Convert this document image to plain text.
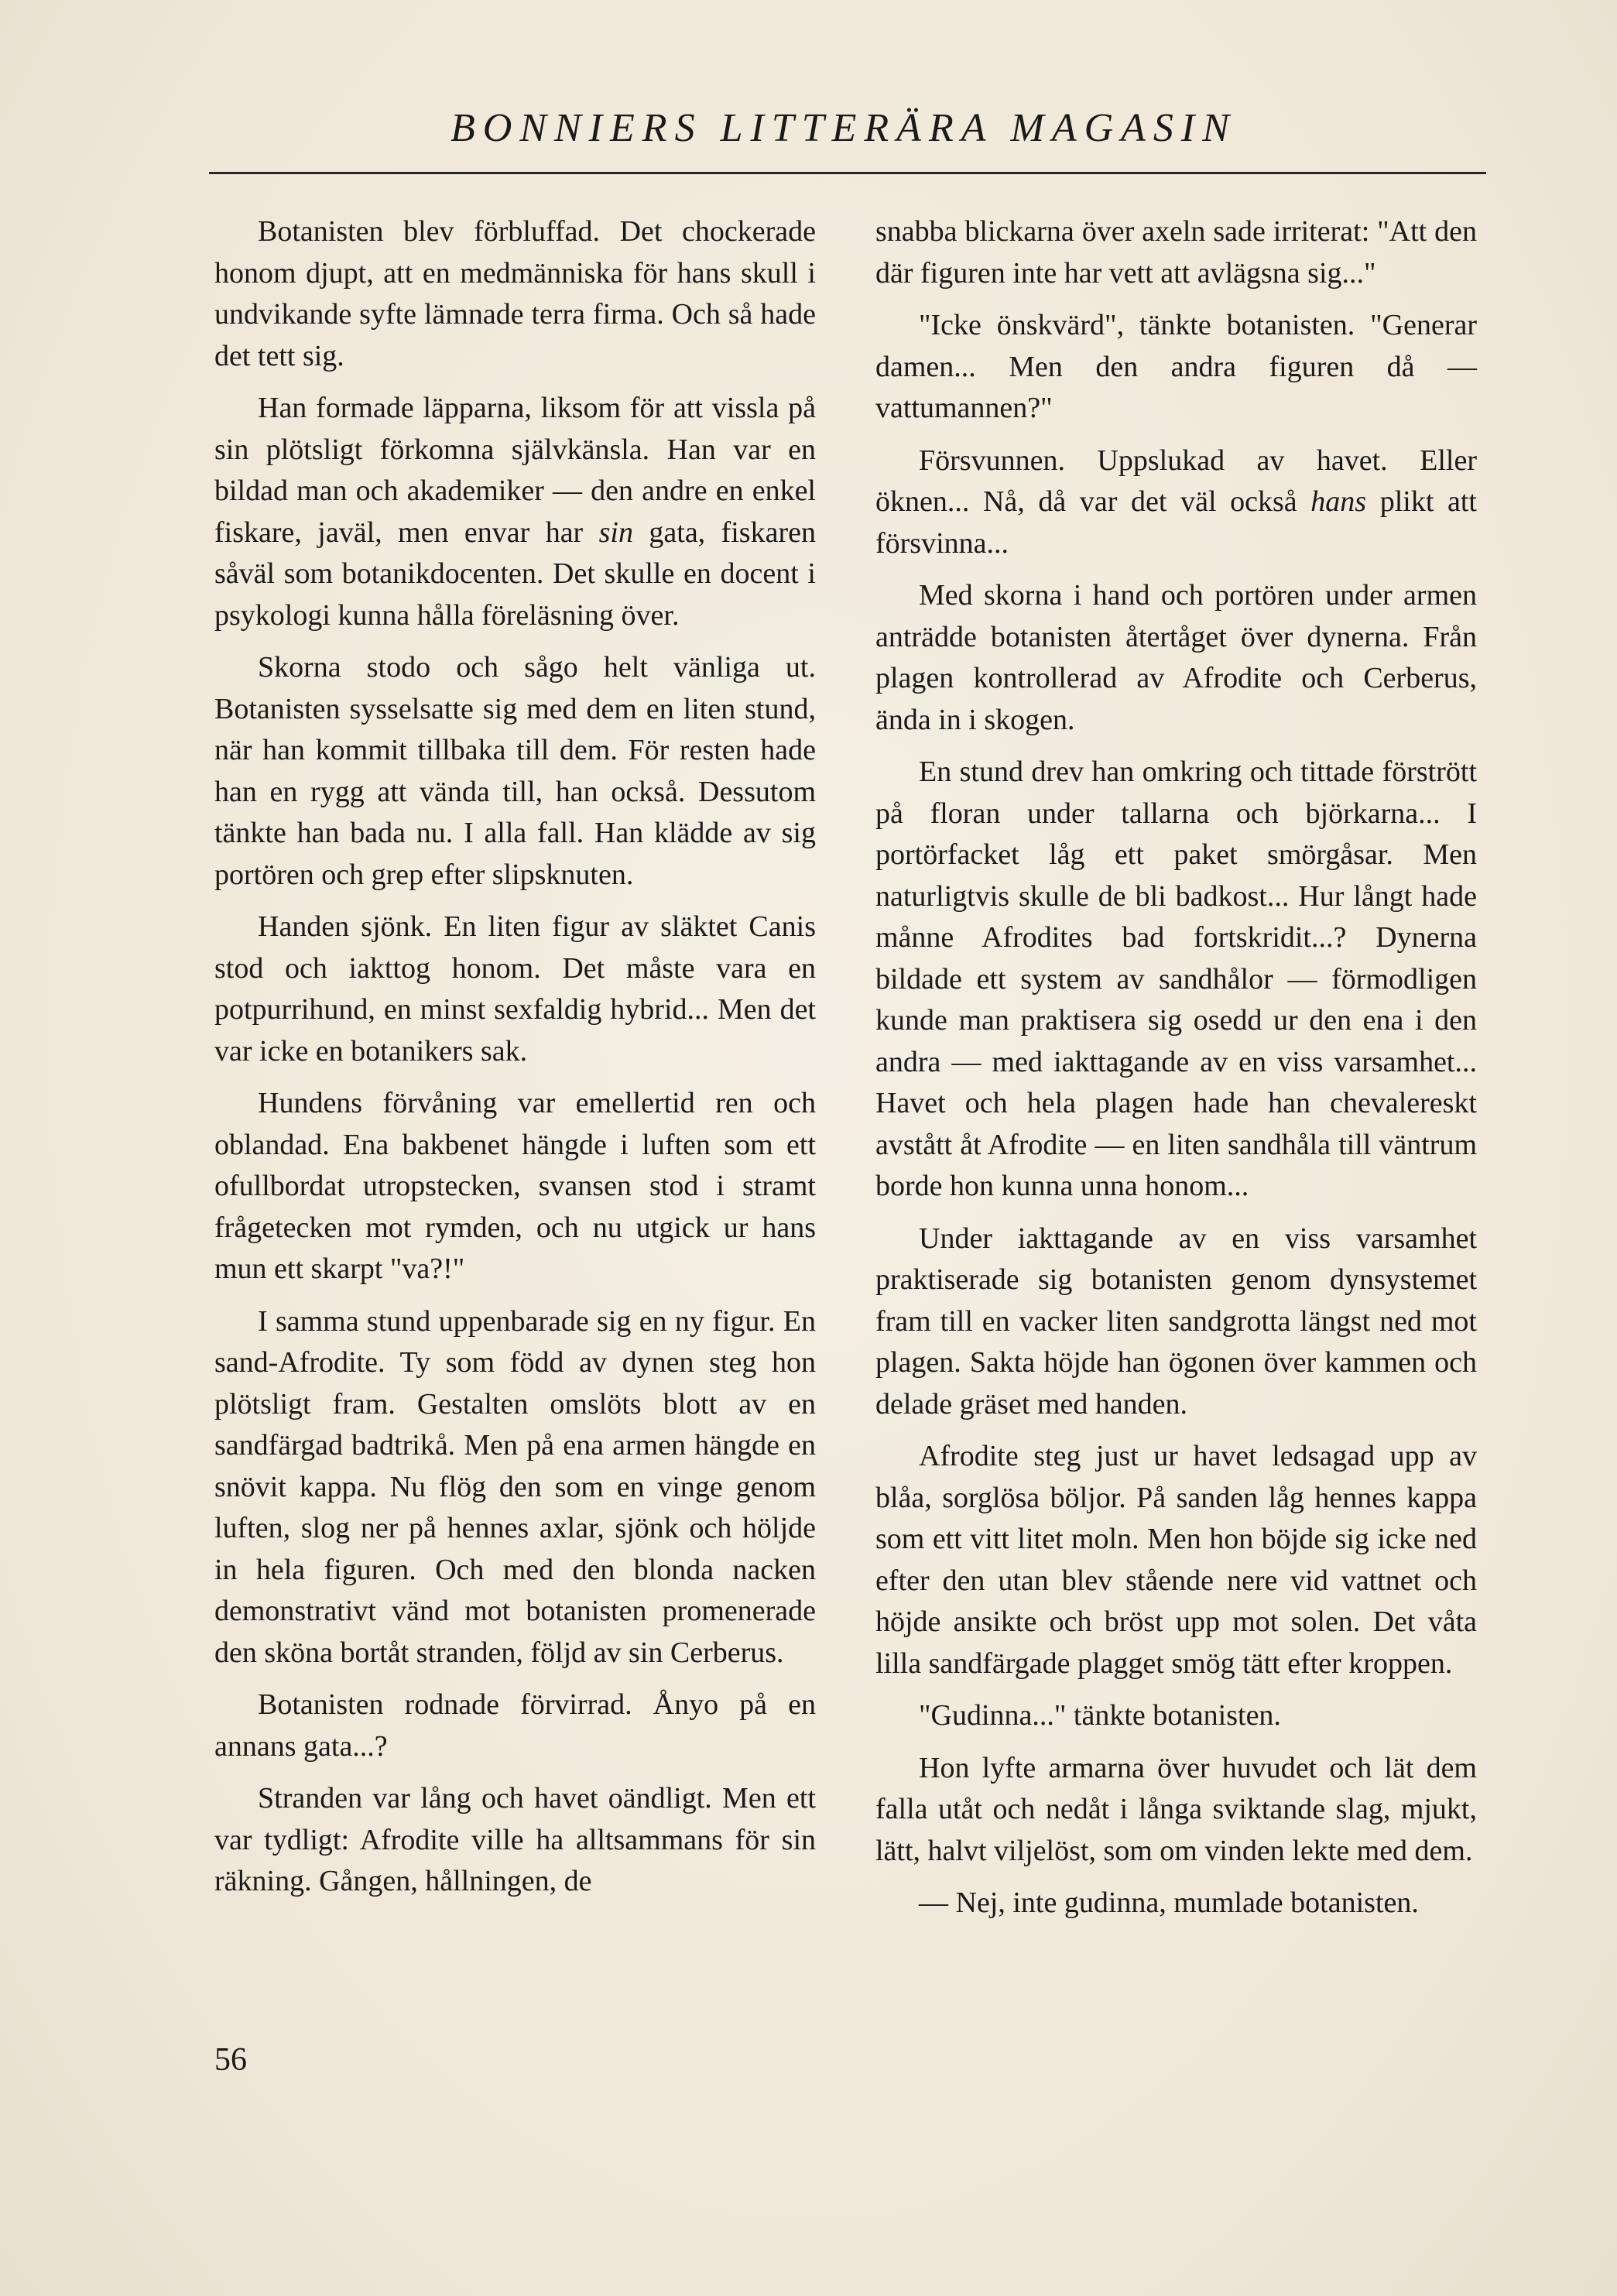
BONNIERS LITTERÄRA MAGASIN

Botanisten blev förbluffad. Det chockerade honom djupt, att en medmänniska för hans skull i undvikande syfte lämnade terra firma. Och så hade det tett sig.

Han formade läpparna, liksom för att vissla på sin plötsligt förkomna självkänsla. Han var en bildad man och akademiker — den andre en enkel fiskare, javäl, men envar har sin gata, fiskaren såväl som botanikdocenten. Det skulle en docent i psykologi kunna hålla föreläsning över.

Skorna stodo och sågo helt vänliga ut. Botanisten sysselsatte sig med dem en liten stund, när han kommit tillbaka till dem. För resten hade han en rygg att vända till, han också. Dessutom tänkte han bada nu. I alla fall. Han klädde av sig portören och grep efter slipsknuten.

Handen sjönk. En liten figur av släktet Canis stod och iakttog honom. Det måste vara en potpurrihund, en minst sexfaldig hybrid... Men det var icke en botanikers sak.

Hundens förvåning var emellertid ren och oblandad. Ena bakbenet hängde i luften som ett ofullbordat utropstecken, svansen stod i stramt frågetecken mot rymden, och nu utgick ur hans mun ett skarpt "va?!"

I samma stund uppenbarade sig en ny figur. En sand-Afrodite. Ty som född av dynen steg hon plötsligt fram. Gestalten omslöts blott av en sandfärgad badtrikå. Men på ena armen hängde en snövit kappa. Nu flög den som en vinge genom luften, slog ner på hennes axlar, sjönk och höljde in hela figuren. Och med den blonda nacken demonstrativt vänd mot botanisten promenerade den sköna bortåt stranden, följd av sin Cerberus.

Botanisten rodnade förvirrad. Ånyo på en annans gata...?

Stranden var lång och havet oändligt. Men ett var tydligt: Afrodite ville ha alltsammans för sin räkning. Gången, hållningen, de

snabba blickarna över axeln sade irriterat: "Att den där figuren inte har vett att avlägsna sig..."

"Icke önskvärd", tänkte botanisten. "Generar damen... Men den andra figuren då — vattumannen?"

Försvunnen. Uppslukad av havet. Eller öknen... Nå, då var det väl också hans plikt att försvinna...

Med skorna i hand och portören under armen anträdde botanisten återtåget över dynerna. Från plagen kontrollerad av Afrodite och Cerberus, ända in i skogen.

En stund drev han omkring och tittade förstrött på floran under tallarna och björkarna... I portörfacket låg ett paket smörgåsar. Men naturligtvis skulle de bli badkost... Hur långt hade månne Afrodites bad fortskridit...? Dynerna bildade ett system av sandhålor — förmodligen kunde man praktisera sig osedd ur den ena i den andra — med iakttagande av en viss varsamhet... Havet och hela plagen hade han chevalereskt avstått åt Afrodite — en liten sandhåla till väntrum borde hon kunna unna honom...

Under iakttagande av en viss varsamhet praktiserade sig botanisten genom dynsystemet fram till en vacker liten sandgrotta längst ned mot plagen. Sakta höjde han ögonen över kammen och delade gräset med handen.

Afrodite steg just ur havet ledsagad upp av blåa, sorglösa böljor. På sanden låg hennes kappa som ett vitt litet moln. Men hon böjde sig icke ned efter den utan blev stående nere vid vattnet och höjde ansikte och bröst upp mot solen. Det våta lilla sandfärgade plagget smög tätt efter kroppen.

"Gudinna..." tänkte botanisten.

Hon lyfte armarna över huvudet och lät dem falla utåt och nedåt i långa sviktande slag, mjukt, lätt, halvt viljelöst, som om vinden lekte med dem.

— Nej, inte gudinna, mumlade botanisten.

56
